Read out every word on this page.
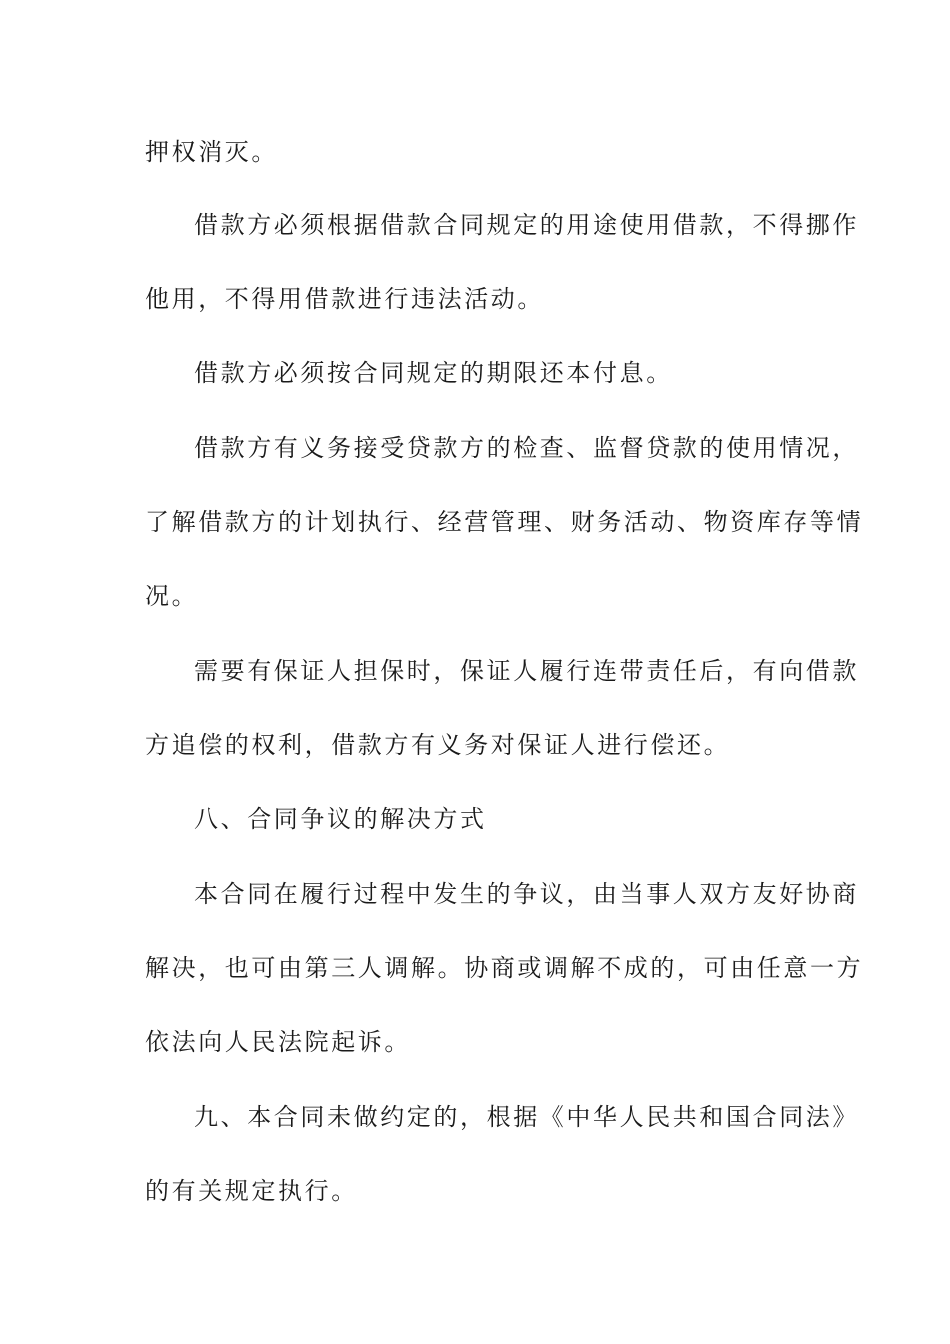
押权消灭。
借款方必须根据借款合同规定的用途使用借款，不得挪作
他用，不得用借款进行违法活动。
借款方必须按合同规定的期限还本付息。
借款方有义务接受贷款方的检查、监督贷款的使用情况，
了解借款方的计划执行、经营管理、财务活动、物资库存等情
况。
需要有保证人担保时，保证人履行连带责任后，有向借款
方追偿的权利，借款方有义务对保证人进行偿还。
八、合同争议的解决方式
本合同在履行过程中发生的争议，由当事人双方友好协商
解决，也可由第三人调解。协商或调解不成的，可由任意一方
依法向人民法院起诉。
九、本合同未做约定的，根据《中华人民共和国合同法》
的有关规定执行。
